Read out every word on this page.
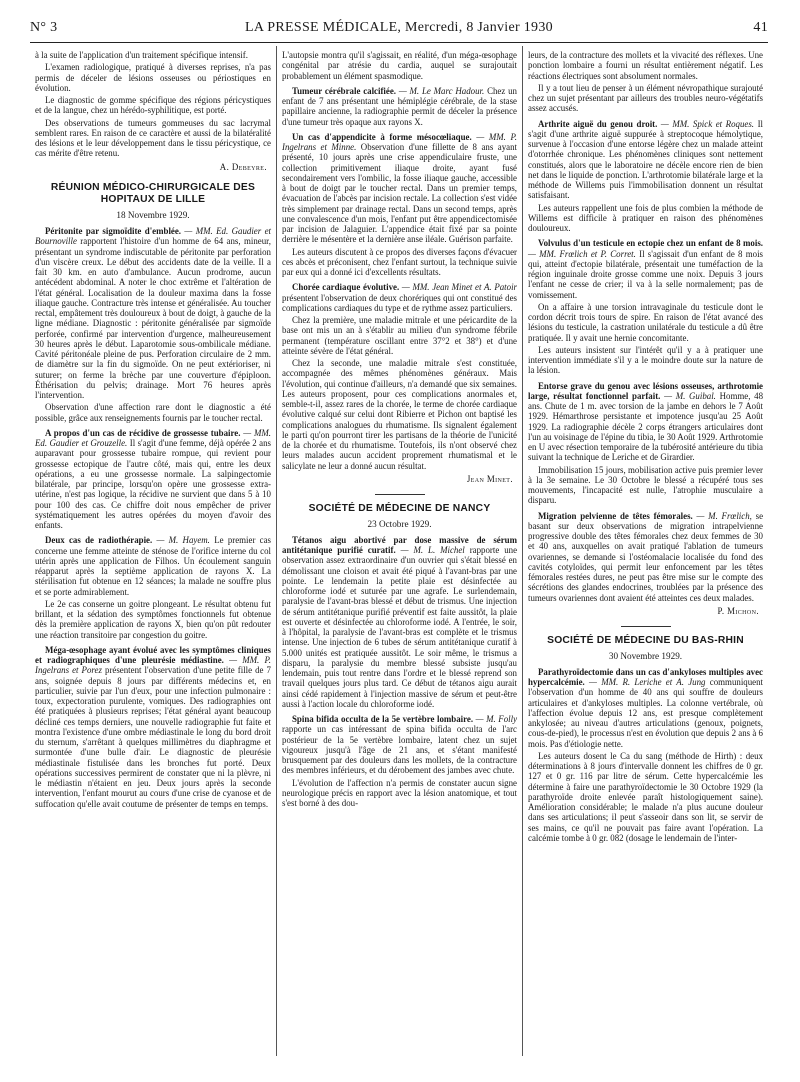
N° 3	LA PRESSE MÉDICALE, Mercredi, 8 Janvier 1930	41

à la suite de l'application d'un traitement spécifique intensif.

L'examen radiologique, pratiqué à diverses reprises, n'a pas permis de déceler de lésions osseuses ou périostiques en évolution.

Le diagnostic de gomme spécifique des régions péricystiques et de la langue, chez un hérédo-syphilitique, est porté.

Des observations de tumeurs gommeuses du sac lacrymal semblent rares. En raison de ce caractère et aussi de la bilatéralité des lésions et le leur développement dans le tissu péricystique, ce cas mérite d'être retenu.

A. Debeyre.
RÉUNION MÉDICO-CHIRURGICALE DES HOPITAUX DE LILLE
18 Novembre 1929.

Péritonite par sigmoïdite d'emblée. — MM. Ed. Gaudier et Bournoville rapportent l'histoire d'un homme de 64 ans, mineur, présentant un syndrome indiscutable de péritonite par perforation d'un viscère creux. Le début des accidents date de la veille. Il a fait 30 km. en auto d'ambulance. Aucun prodrome, aucun antécédent abdominal. A noter le choc extrême et l'altération de l'état général. Localisation de la douleur maxima dans la fosse iliaque gauche. Contracture très intense et généralisée. Au toucher rectal, empâtement très douloureux à bout de doigt, à gauche de la ligne médiane. Diagnostic : péritonite généralisée par sigmoïde perforée, confirmé par intervention d'urgence, malheureusement 30 heures après le début. Laparotomie sous-ombilicale médiane. Cavité péritonéale pleine de pus. Perforation circulaire de 2 mm. de diamètre sur la fin du sigmoïde. On ne peut extérioriser, ni suturer; on ferme la brèche par une couverture d'épiploon. Éthérisation du pelvis; drainage. Mort 76 heures après l'intervention.

Observation d'une affection rare dont le diagnostic a été possible, grâce aux renseignements fournis par le toucher rectal.

A propos d'un cas de récidive de grossesse tubaire. — MM. Ed. Gaudier et Grouzelle. Il s'agit d'une femme, déjà opérée 2 ans auparavant pour grossesse tubaire rompue, qui revient pour grossesse ectopique de l'autre côté, mais qui, entre les deux opérations, a eu une grossesse normale. La salpingectomie bilatérale, par principe, lorsqu'on opère une grossesse extra-utérine, n'est pas logique, la récidive ne survient que dans 5 à 10 pour 100 des cas. Ce chiffre doit nous empêcher de priver systématiquement les autres opérées du moyen d'avoir des enfants.

Deux cas de radiothérapie. — M. Hayem. Le premier cas concerne une femme atteinte de sténose de l'orifice interne du col utérin après une application de Filhos. Un écoulement sanguin réapparut après la septième application de rayons X. La stérilisation fut obtenue en 12 séances; la malade ne souffre plus et se porte admirablement.

Le 2e cas conserne un goitre plongeant. Le résultat obtenu fut brillant, et la sédation des symptômes fonctionnels fut obtenue dès la première application de rayons X, bien qu'on pût redouter une réaction transitoire par congestion du goitre.

Méga-œsophage ayant évolué avec les symptômes cliniques et radiographiques d'une pleurésie médiastine. — MM. P. Ingelrans et Porez présentent l'observation d'une petite fille de 7 ans, soignée depuis 8 jours par différents médecins et, en particulier, suivie par l'un d'eux, pour une infection pulmonaire : toux, expectoration purulente, vomiques. Des radiographies ont été pratiquées à plusieurs reprises; l'état général ayant beaucoup décliné ces temps derniers, une nouvelle radiographie fut faite et montra l'existence d'une ombre médiastinale le long du bord droit du sternum, s'arrêtant à quelques millimètres du diaphragme et surmontée d'une bulle d'air. Le diagnostic de pleurésie médiastinale fistulisée dans les bronches fut porté. Deux opérations successives permirent de constater que ni la plèvre, ni le médiastin n'étaient en jeu. Deux jours après la seconde intervention, l'enfant mourut au cours d'une crise de cyanose et de suffocation qu'elle avait coutume de présenter de temps en temps.

L'autopsie montra qu'il s'agissait, en réalité, d'un méga-œsophage congénital par atrésie du cardia, auquel se surajoutait probablement un élément spasmodique.

Tumeur cérébrale calcifiée. — M. Le Marc Hadour. Chez un enfant de 7 ans présentant une hémiplégie cérébrale, de la stase papillaire ancienne, la radiographie permit de déceler la présence d'une tumeur très opaque aux rayons X.

Un cas d'appendicite à forme mésocœliaque. — MM. P. Ingelrans et Minne. Observation d'une fillette de 8 ans ayant présenté, 10 jours après une crise appendiculaire fruste, une collection primitivement iliaque droite, ayant fusé secondairement vers l'ombilic, la fosse iliaque gauche, accessible à bout de doigt par le toucher rectal. Dans un premier temps, évacuation de l'abcès par incision rectale. La collection s'est vidée très simplement par drainage rectal. Dans un second temps, après une convalescence d'un mois, l'enfant put être appendicectomisée par incision de Jalaguier. L'appendice était fixé par sa pointe derrière le mésentère et la dernière anse iléale. Guérison parfaite.

Les auteurs discutent à ce propos des diverses façons d'évacuer ces abcès et préconisent, chez l'enfant surtout, la technique suivie par eux qui a donné ici d'excellents résultats.

Chorée cardiaque évolutive. — MM. Jean Minet et A. Patoir présentent l'observation de deux chorériques qui ont constitué des complications cardiaques du type et de rythme assez particuliers.

Chez la première, une maladie mitrale et une péricardite de la base ont mis un an à s'établir au milieu d'un syndrome fébrile permanent (température oscillant entre 37°2 et 38°) et d'une atteinte sévère de l'état général.

Chez la seconde, une maladie mitrale s'est constituée, accompagnée des mêmes phénomènes généraux. Mais l'évolution, qui continue d'ailleurs, n'a demandé que six semaines. Les auteurs proposent, pour ces complications anormales et, semble-t-il, assez rares de la chorée, le terme de chorée cardiaque évolutive calqué sur celui dont Ribierre et Pichon ont baptisé les complications analogues du rhumatisme. Ils signalent également le parti qu'on pourront tirer les partisans de la théorie de l'unicité de la chorée et du rhumatisme. Toutefois, ils n'ont observé chez leurs malades aucun accident proprement rhumatismal et le salicylate ne leur a donné aucun résultat.

Jean Minet.
SOCIÉTÉ DE MÉDECINE DE NANCY
23 Octobre 1929.

Tétanos aigu abortivé par dose massive de sérum antitétanique purifié curatif. — M. L. Michel rapporte une observation assez extraordinaire d'un ouvrier qui s'était blessé en démolissant une cloison et avait été piqué à l'avant-bras par une pointe. Le lendemain la petite plaie est désinfectée au chloroforme iodé et suturée par une agrafe. Le surlendemain, paralysie de l'avant-bras blessé et début de trismus. Une injection de sérum antitétanique purifié préventif est faite aussitôt, la plaie est ouverte et désinfectée au chloroforme iodé. A l'entrée, le soir, à l'hôpital, la paralysie de l'avant-bras est complète et le trismus intense. Une injection de 6 tubes de sérum antitétanique curatif à 5.000 unités est pratiquée aussitôt. Le soir même, le trismus a disparu, la paralysie du membre blessé subsiste jusqu'au lendemain, puis tout rentre dans l'ordre et le blessé reprend son travail quelques jours plus tard. Ce début de tétanos aigu aurait ainsi cédé rapidement à l'injection massive de sérum et peut-être aussi à l'action locale du chloroforme iodé.

Spina bifida occulta de la 5e vertèbre lombaire. — M. Folly rapporte un cas intéressant de spina bifida occulta de l'arc postérieur de la 5e vertèbre lombaire, latent chez un sujet vigoureux jusqu'à l'âge de 21 ans, et s'étant manifesté brusquement par des douleurs dans les mollets, de la contracture des membres inférieurs, et du dérobement des jambes avec chute.

L'évolution de l'affection n'a permis de constater aucun signe neurologique précis en rapport avec la lésion anatomique, et tout s'est borné à des dou-

leurs, de la contracture des mollets et la vivacité des réflexes. Une ponction lombaire a fourni un résultat entièrement négatif. Les réactions électriques sont absolument normales.

Il y a tout lieu de penser à un élément névropathique surajouté chez un sujet présentant par ailleurs des troubles neuro-végétatifs assez accusés.

Arthrite aiguë du genou droit. — MM. Spick et Roques. Il s'agit d'une arthrite aiguë suppurée à streptocoque hémolytique, survenue à l'occasion d'une entorse légère chez un malade atteint d'otorrhée chronique. Les phénomènes cliniques sont nettement constitués, alors que le laboratoire ne décèle encore rien de bien net dans le liquide de ponction. L'arthrotomie bilatérale large et la méthode de Willems puis l'immobilisation donnent un résultat satisfaisant.

Les auteurs rappellent une fois de plus combien la méthode de Willems est difficile à pratiquer en raison des phénomènes douloureux.

Volvulus d'un testicule en ectopie chez un enfant de 8 mois. — MM. Frœlich et P. Corret. Il s'agissait d'un enfant de 8 mois qui, atteint d'ectopie bilatérale, présentait une tuméfaction de la région inguinale droite grosse comme une noix. Depuis 3 jours l'enfant ne cesse de crier; il va à la selle normalement; pas de vomissement.

On a affaire à une torsion intravaginale du testicule dont le cordon décrit trois tours de spire. En raison de l'état avancé des lésions du testicule, la castration unilatérale du testicule a dû être pratiquée. Il y avait une hernie concomitante.

Les auteurs insistent sur l'intérêt qu'il y a à pratiquer une intervention immédiate s'il y a le moindre doute sur la nature de la lésion.

Entorse grave du genou avec lésions osseuses, arthrotomie large, résultat fonctionnel parfait. — M. Guibal. Homme, 48 ans. Chute de 1 m. avec torsion de la jambe en dehors le 7 Août 1929. Hémarthrose persistante et impotence jusqu'au 25 Août 1929. La radiographie décèle 2 corps étrangers articulaires dont l'un au voisinage de l'épine du tibia, le 30 Août 1929. Arthrotomie en U avec résection temporaire de la tubérosité antérieure du tibia suivant la technique de Leriche et de Girardier.

Immobilisation 15 jours, mobilisation active puis premier lever à la 3e semaine. Le 30 Octobre le blessé a récupéré tous ses mouvements, l'incapacité est nulle, l'atrophie musculaire a disparu.

Migration pelvienne de têtes fémorales. — M. Frœlich, se basant sur deux observations de migration intrapelvienne progressive double des têtes fémorales chez deux femmes de 30 et 40 ans, auxquelles on avait pratiqué l'ablation de tumeurs ovariennes, se demande si l'ostéomalacie localisée du fond des cavités cotyloïdes, qui permit leur enfoncement par les têtes fémorales restées dures, ne peut pas être mise sur le compte des sécrétions des glandes endocrines, troublées par la présence des tumeurs ovariennes dont avaient été atteintes ces deux malades.

P. Michon.
SOCIÉTÉ DE MÉDECINE DU BAS-RHIN
30 Novembre 1929.

Parathyroïdectomie dans un cas d'ankyloses multiples avec hypercalcémie. — MM. R. Leriche et A. Jung communiquent l'observation d'un homme de 40 ans qui souffre de douleurs articulaires et d'ankyloses multiples. La colonne vertébrale, où l'affection évolue depuis 12 ans, est presque complètement ankylosée; au niveau d'autres articulations (genoux, poignets, cous-de-pied), le processus n'est en évolution que depuis 2 ans à 6 mois. Pas d'étiologie nette.

Les auteurs dosent le Ca du sang (méthode de Hirth) : deux déterminations à 8 jours d'intervalle donnent les chiffres de 0 gr. 127 et 0 gr. 116 par litre de sérum. Cette hypercalcémie les détermine à faire une parathyroïdectomie le 30 Octobre 1929 (la parathyroïde droite enlevée paraît histologiquement saine). Amélioration considérable; le malade n'a plus aucune douleur dans ses articulations; il peut s'asseoir dans son lit, se servir de ses mains, ce qu'il ne pouvait pas faire avant l'opération. La calcémie tombe à 0 gr. 082 (dosage le lendemain de l'inter-
